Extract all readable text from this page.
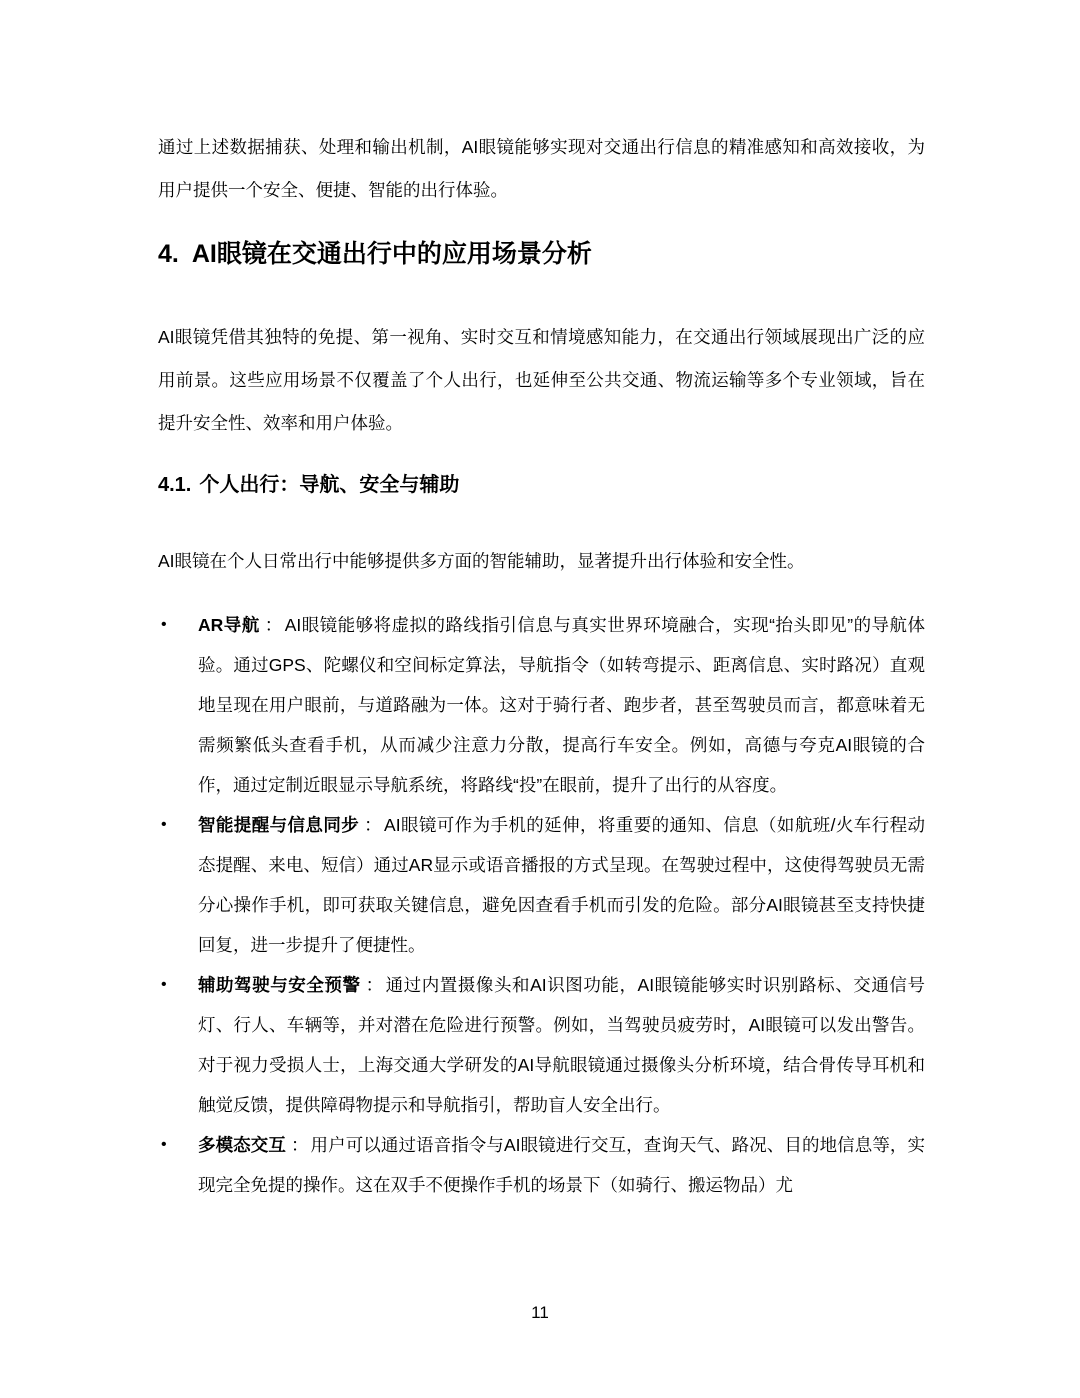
通过上述数据捕获、处理和输出机制，AI眼镜能够实现对交通出行信息的精准感知和高效接收，为用户提供一个安全、便捷、智能的出行体验。

4. AI眼镜在交通出行中的应用场景分析

AI眼镜凭借其独特的免提、第一视角、实时交互和情境感知能力，在交通出行领域展现出广泛的应用前景。这些应用场景不仅覆盖了个人出行，也延伸至公共交通、物流运输等多个专业领域，旨在提升安全性、效率和用户体验。

4.1. 个人出行：导航、安全与辅助

AI眼镜在个人日常出行中能够提供多方面的智能辅助，显著提升出行体验和安全性。

• AR导航 ： AI眼镜能够将虚拟的路线指引信息与真实世界环境融合，实现“抬头即见”的导航体验。通过GPS、陀螺仪和空间标定算法，导航指令（如转弯提示、距离信息、实时路况）直观地呈现在用户眼前，与道路融为一体。这对于骑行者、跑步者，甚至驾驶员而言，都意味着无需频繁低头查看手机，从而减少注意力分散，提高行车安全。例如，高德与夸克AI眼镜的合作，通过定制近眼显示导航系统，将路线“投”在眼前，提升了出行的从容度。
• 智能提醒与信息同步 ： AI眼镜可作为手机的延伸，将重要的通知、信息（如航班/火车行程动态提醒、来电、短信）通过AR显示或语音播报的方式呈现。在驾驶过程中，这使得驾驶员无需分心操作手机，即可获取关键信息，避免因查看手机而引发的危险。部分AI眼镜甚至支持快捷回复，进一步提升了便捷性。
• 辅助驾驶与安全预警 ： 通过内置摄像头和AI识图功能，AI眼镜能够实时识别路标、交通信号灯、行人、车辆等，并对潜在危险进行预警。例如，当驾驶员疲劳时，AI眼镜可以发出警告。对于视力受损人士，上海交通大学研发的AI导航眼镜通过摄像头分析环境，结合骨传导耳机和触觉反馈，提供障碍物提示和导航指引，帮助盲人安全出行。
• 多模态交互 ： 用户可以通过语音指令与AI眼镜进行交互，查询天气、路况、目的地信息等，实现完全免提的操作。这在双手不便操作手机的场景下（如骑行、搬运物品）尤
11
